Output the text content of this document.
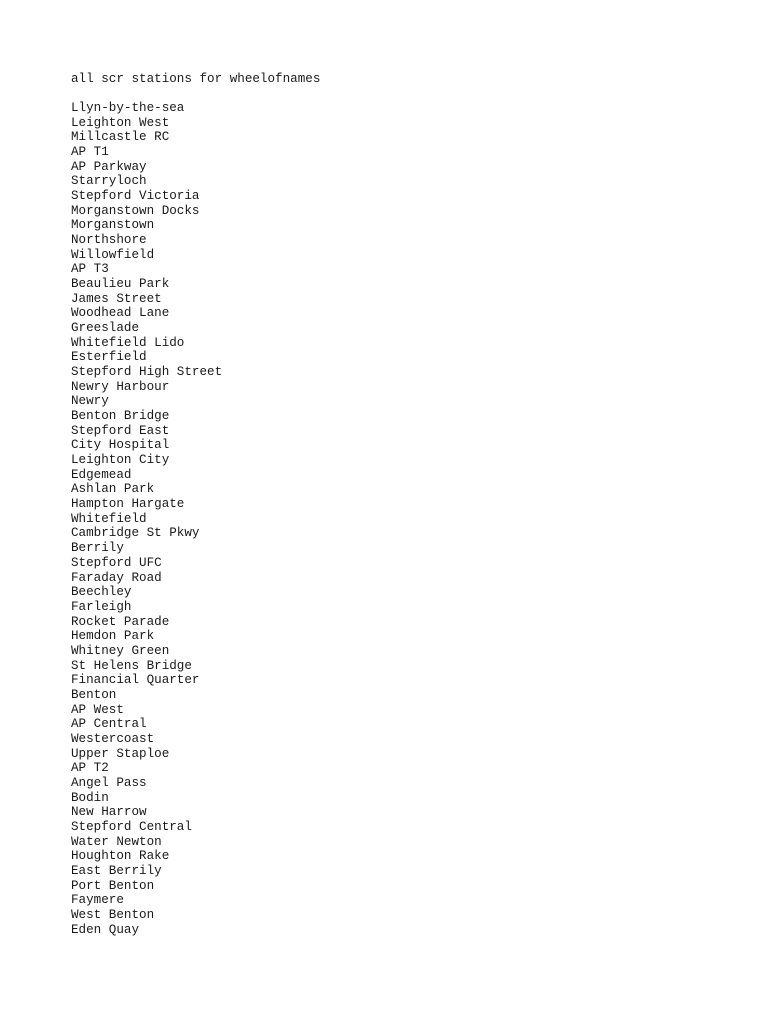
all scr stations for wheelofnames
Llyn-by-the-sea
Leighton West
Millcastle RC
AP T1
AP Parkway
Starryloch
Stepford Victoria
Morganstown Docks
Morganstown
Northshore
Willowfield
AP T3
Beaulieu Park
James Street
Woodhead Lane
Greeslade
Whitefield Lido
Esterfield
Stepford High Street
Newry Harbour
Newry
Benton Bridge
Stepford East
City Hospital
Leighton City
Edgemead
Ashlan Park
Hampton Hargate
Whitefield
Cambridge St Pkwy
Berrily
Stepford UFC
Faraday Road
Beechley
Farleigh
Rocket Parade
Hemdon Park
Whitney Green
St Helens Bridge
Financial Quarter
Benton
AP West
AP Central
Westercoast
Upper Staploe
AP T2
Angel Pass
Bodin
New Harrow
Stepford Central
Water Newton
Houghton Rake
East Berrily
Port Benton
Faymere
West Benton
Eden Quay
